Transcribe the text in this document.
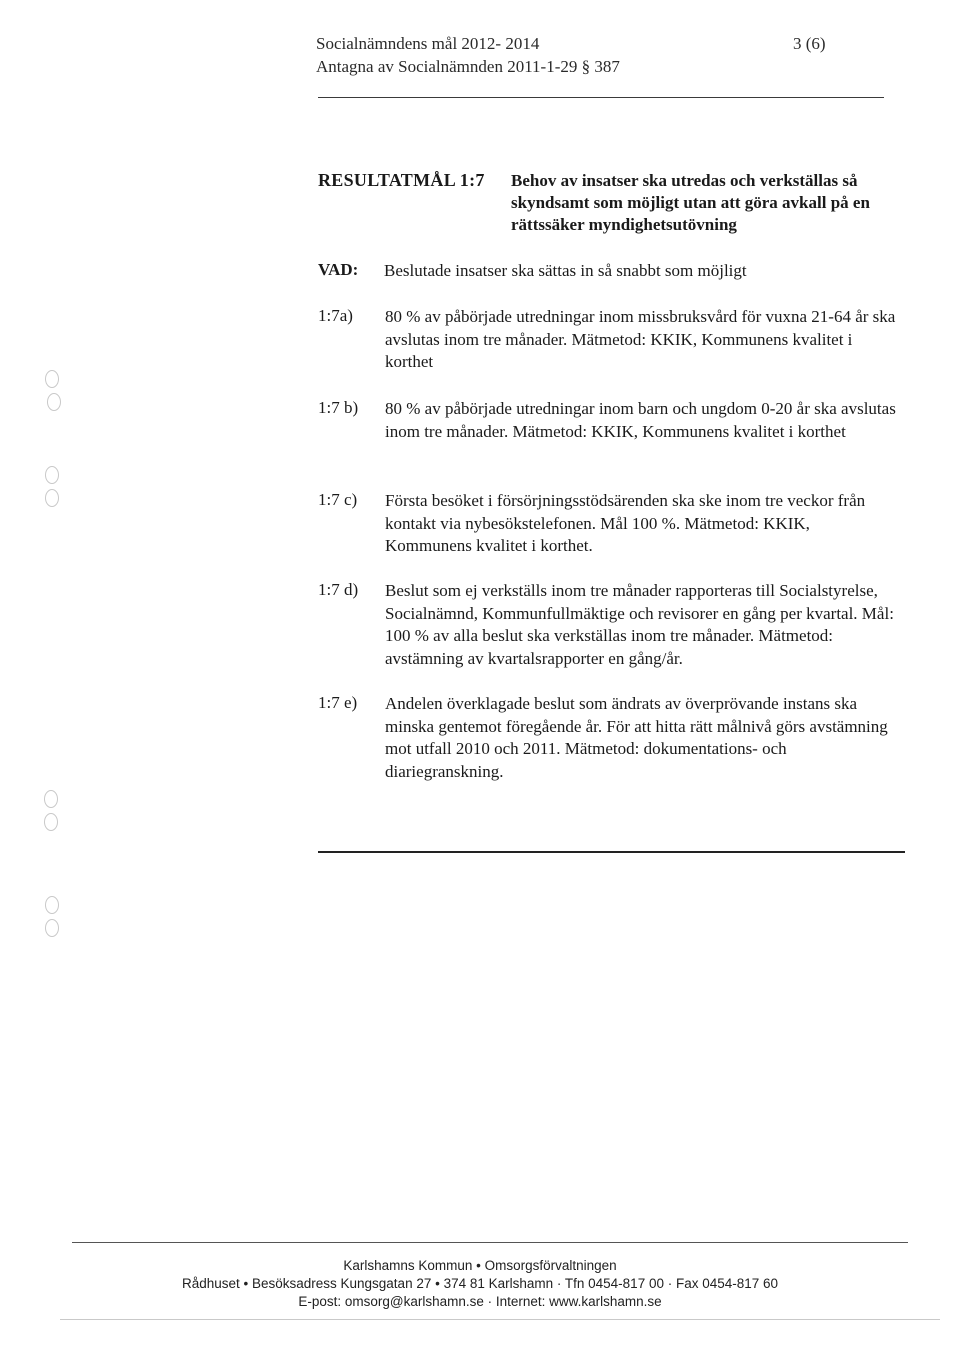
Socialnämndens mål 2012- 2014
Antagna av Socialnämnden 2011-1-29 § 387
3 (6)
RESULTATMÅL 1:7 Behov av insatser ska utredas och verkställas så skyndsamt som möjligt utan att göra avkall på en rättssäker myndighetsutövning
VAD: Beslutade insatser ska sättas in så snabbt som möjligt
1:7a) 80 % av påbörjade utredningar inom missbruksvård för vuxna 21-64 år ska avslutas inom tre månader. Mätmetod: KKIK, Kommunens kvalitet i korthet
1:7 b) 80 % av påbörjade utredningar inom barn och ungdom 0-20 år ska avslutas inom tre månader. Mätmetod: KKIK, Kommunens kvalitet i korthet
1:7 c) Första besöket i försörjningsstödsärenden ska ske inom tre veckor från kontakt via nybesökstelefonen. Mål 100 %. Mätmetod: KKIK, Kommunens kvalitet i korthet.
1:7 d) Beslut som ej verkställs inom tre månader rapporteras till Socialstyrelse, Socialnämnd, Kommunfullmäktige och revisorer en gång per kvartal. Mål: 100 % av alla beslut ska verkställas inom tre månader. Mätmetod: avstämning av kvartalsrapporter en gång/år.
1:7 e) Andelen överklagade beslut som ändrats av överprövande instans ska minska gentemot föregående år. För att hitta rätt målnivå görs avstämning mot utfall 2010 och 2011. Mätmetod: dokumentations- och diariegranskning.
Karlshamns Kommun • Omsorgsförvaltningen
Rådhuset • Besöksadress Kungsgatan 27 • 374 81 Karlshamn · Tfn 0454-817 00 · Fax 0454-817 60
E-post: omsorg@karlshamn.se · Internet: www.karlshamn.se
